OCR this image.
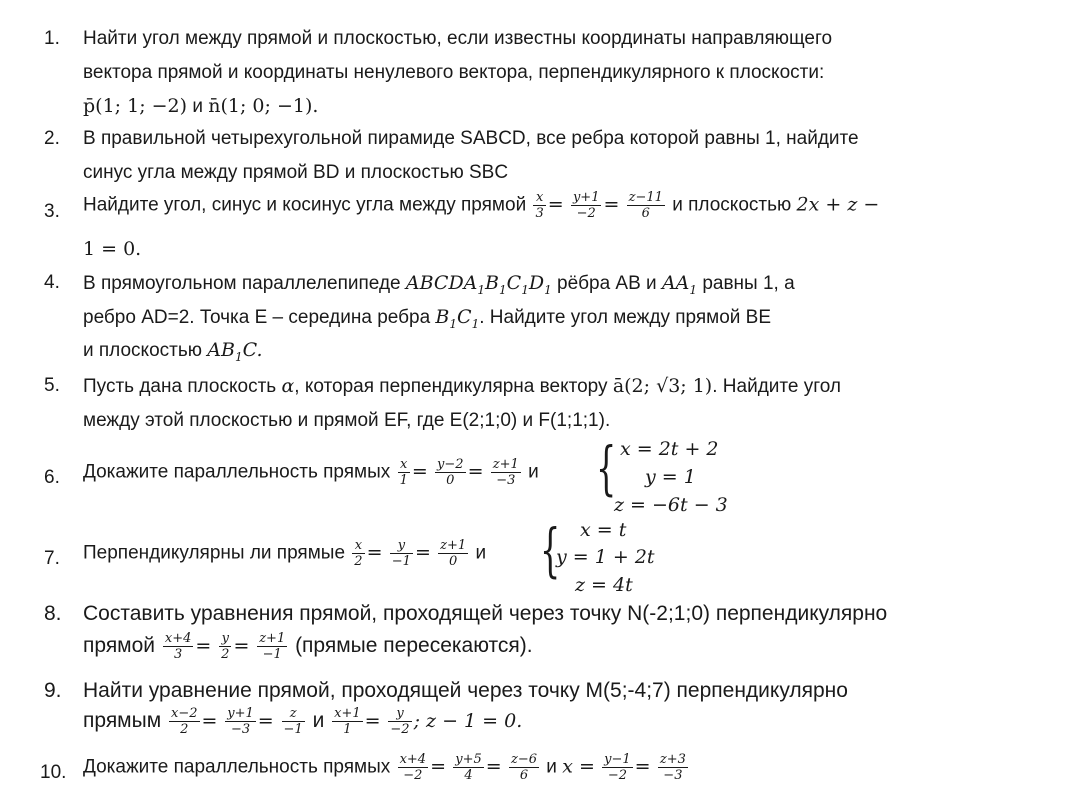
1. Найти угол между прямой и плоскостью, если известны координаты направляющего
вектора прямой и координаты ненулевого вектора, перпендикулярного к плоскости:
p̄(1; 1; −2) и n̄(1; 0; −1).
2. В правильной четырехугольной пирамиде SABCD, все ребра которой равны 1, найдите
синус угла между прямой BD и плоскостью SBC
3. Найдите угол, синус и косинус угла между прямой $\frac{x}{3} = \frac{y+1}{-2} = \frac{z-11}{6}$ и плоскостью 2x + z −
1 = 0.
4. В прямоугольном параллелепипеде $ABCDA_1B_1C_1D_1$ рёбра AB и $AA_1$ равны 1, а
ребро AD=2. Точка E – середина ребра $B_1C_1$. Найдите угол между прямой BE
и плоскостью $AB_1C$.
5. Пусть дана плоскость α, которая перпендикулярна вектору ā(2; √3; 1). Найдите угол
между этой плоскостью и прямой EF, где E(2;1;0) и F(1;1;1).
6. Докажите параллельность прямых $\frac{x}{1} = \frac{y-2}{0} = \frac{z+1}{-3}$ и { x = 2t + 2
y = 1
z = −6t − 3
7. Перпендикулярны ли прямые $\frac{x}{2} = \frac{y}{-1} = \frac{z+1}{0}$ и { x = t
y = 1 + 2t
z = 4t
8. Составить уравнения прямой, проходящей через точку N(-2;1;0) перпендикулярно
прямой $\frac{x+4}{3} = \frac{y}{2} = \frac{z+1}{-1}$ (прямые пересекаются).
9. Найти уравнение прямой, проходящей через точку M(5;-4;7) перпендикулярно
прямым $\frac{x-2}{2} = \frac{y+1}{-3} = \frac{z}{-1}$ и $\frac{x+1}{1} = \frac{y}{-2}$ ; z − 1 = 0.
10. Докажите параллельность прямых $\frac{x+4}{-2} = \frac{y+5}{4} = \frac{z-6}{6}$ и $x = \frac{y-1}{-2} = \frac{z+3}{-3}$
